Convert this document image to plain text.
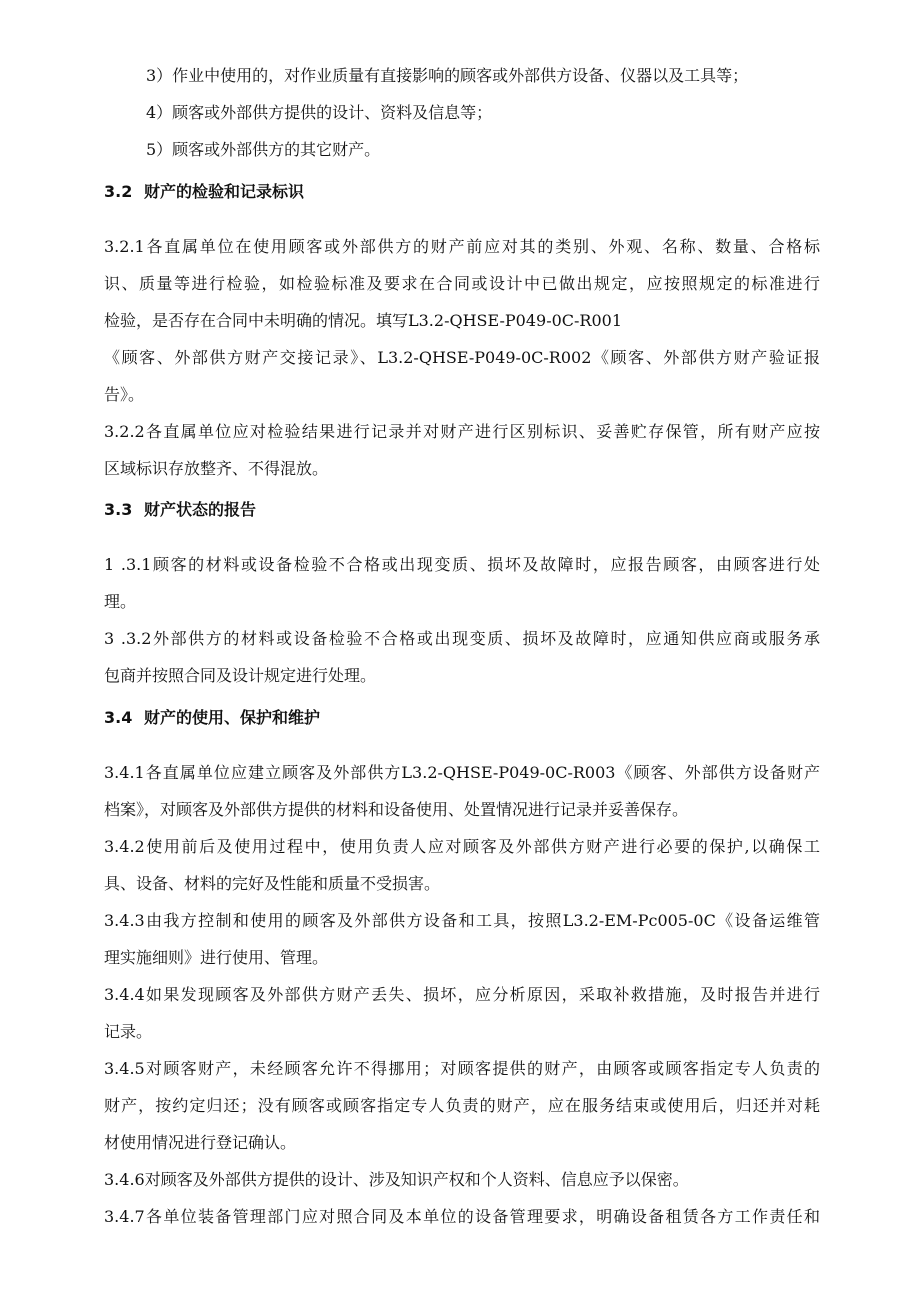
3）作业中使用的，对作业质量有直接影响的顾客或外部供方设备、仪器以及工具等；
4）顾客或外部供方提供的设计、资料及信息等；
5）顾客或外部供方的其它财产。
3.2 财产的检验和记录标识
3.2.1各直属单位在使用顾客或外部供方的财产前应对其的类别、外观、名称、数量、合格标
识、质量等进行检验，如检验标准及要求在合同或设计中已做出规定，应按照规定的标准进行
检验，是否存在合同中未明确的情况。填写L3.2-QHSE-P049-0C-R001
《顾客、外部供方财产交接记录》、L3.2-QHSE-P049-0C-R002《顾客、外部供方财产验证报
告》。
3.2.2各直属单位应对检验结果进行记录并对财产进行区别标识、妥善贮存保管，所有财产应按
区域标识存放整齐、不得混放。
3.3 财产状态的报告
1 .3.1顾客的材料或设备检验不合格或出现变质、损坏及故障时，应报告顾客，由顾客进行处
理。
3 .3.2外部供方的材料或设备检验不合格或出现变质、损坏及故障时，应通知供应商或服务承
包商并按照合同及设计规定进行处理。
3.4 财产的使用、保护和维护
3.4.1各直属单位应建立顾客及外部供方L3.2-QHSE-P049-0C-R003《顾客、外部供方设备财产
档案》，对顾客及外部供方提供的材料和设备使用、处置情况进行记录并妥善保存。
3.4.2使用前后及使用过程中，使用负责人应对顾客及外部供方财产进行必要的保护,以确保工
具、设备、材料的完好及性能和质量不受损害。
3.4.3由我方控制和使用的顾客及外部供方设备和工具，按照L3.2-EM-Pc005-0C《设备运维管
理实施细则》进行使用、管理。
3.4.4如果发现顾客及外部供方财产丢失、损坏，应分析原因，采取补救措施，及时报告并进行
记录。
3.4.5对顾客财产，未经顾客允许不得挪用；对顾客提供的财产，由顾客或顾客指定专人负责的
财产，按约定归还；没有顾客或顾客指定专人负责的财产，应在服务结束或使用后，归还并对耗
材使用情况进行登记确认。
3.4.6对顾客及外部供方提供的设计、涉及知识产权和个人资料、信息应予以保密。
3.4.7各单位装备管理部门应对照合同及本单位的设备管理要求，明确设备租赁各方工作责任和
